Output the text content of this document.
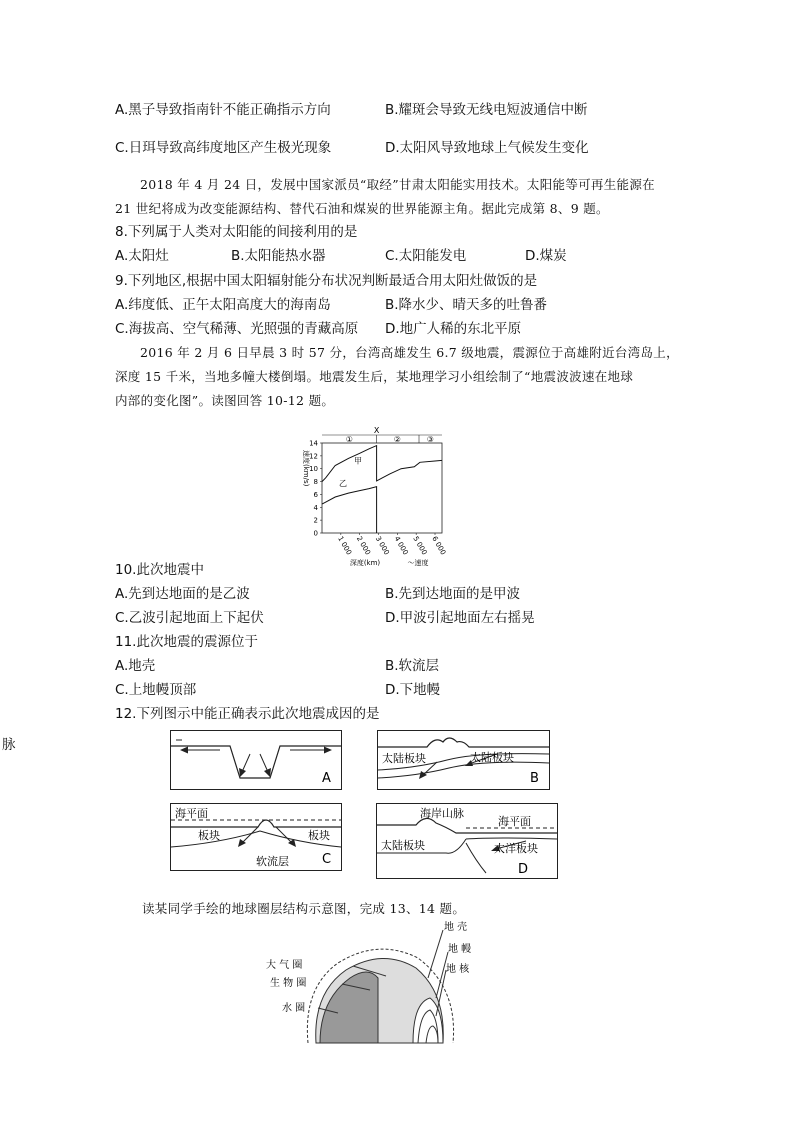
A.黑子导致指南针不能正确指示方向	B.耀斑会导致无线电短波通信中断
C.日珥导致高纬度地区产生极光现象	D.太阳风导致地球上气候发生变化
2018 年 4 月 24 日，发展中国家派员“取经”甘肃太阳能实用技术。太阳能等可再生能源在
21 世纪将成为改变能源结构、替代石油和煤炭的世界能源主角。据此完成第 8、9 题。
8.下列属于人类对太阳能的间接利用的是
A.太阳灶	B.太阳能热水器	C.太阳能发电	D.煤炭
9.下列地区,根据中国太阳辐射能分布状况判断最适合用太阳灶做饭的是
A.纬度低、正午太阳高度大的海南岛	B.降水少、晴天多的吐鲁番
C.海拔高、空气稀薄、光照强的青藏高原 D.地广人稀的东北平原
2016 年 2 月 6 日早晨 3 时 57 分，台湾高雄发生 6.7 级地震，震源位于高雄附近台湾岛上，
深度 15 千米，当地多幢大楼倒塌。地震发生后，某地理学习小组绘制了“地震波波速在地球
内部的变化图”。读图回答 10-12 题。
①	②	③
X
0
2
4
6
8
10
12
14
1 000 2 000 3 000 4 000 5 000 6 000
甲
乙
速度(km/s)
深度(km)	～速度
10.此次地震中
A.先到达地面的是乙波	B.先到达地面的是甲波
C.乙波引起地面上下起伏	D.甲波引起地面左右摇晃
11.此次地震的震源位于
A.地壳	B.软流层
C.上地幔顶部	D.下地幔
12.下列图示中能正确表示此次地震成因的是
脉
A
太陆板块	太陆板块
B
海平面
板块	板块
软流层	C
海岸山脉
海平面
太陆板块	太洋板块
D
读某同学手绘的地球圈层结构示意图，完成 13、14 题。
大 气 圈
生 物 圈
水 圈
地 壳
地 幔
地 核
